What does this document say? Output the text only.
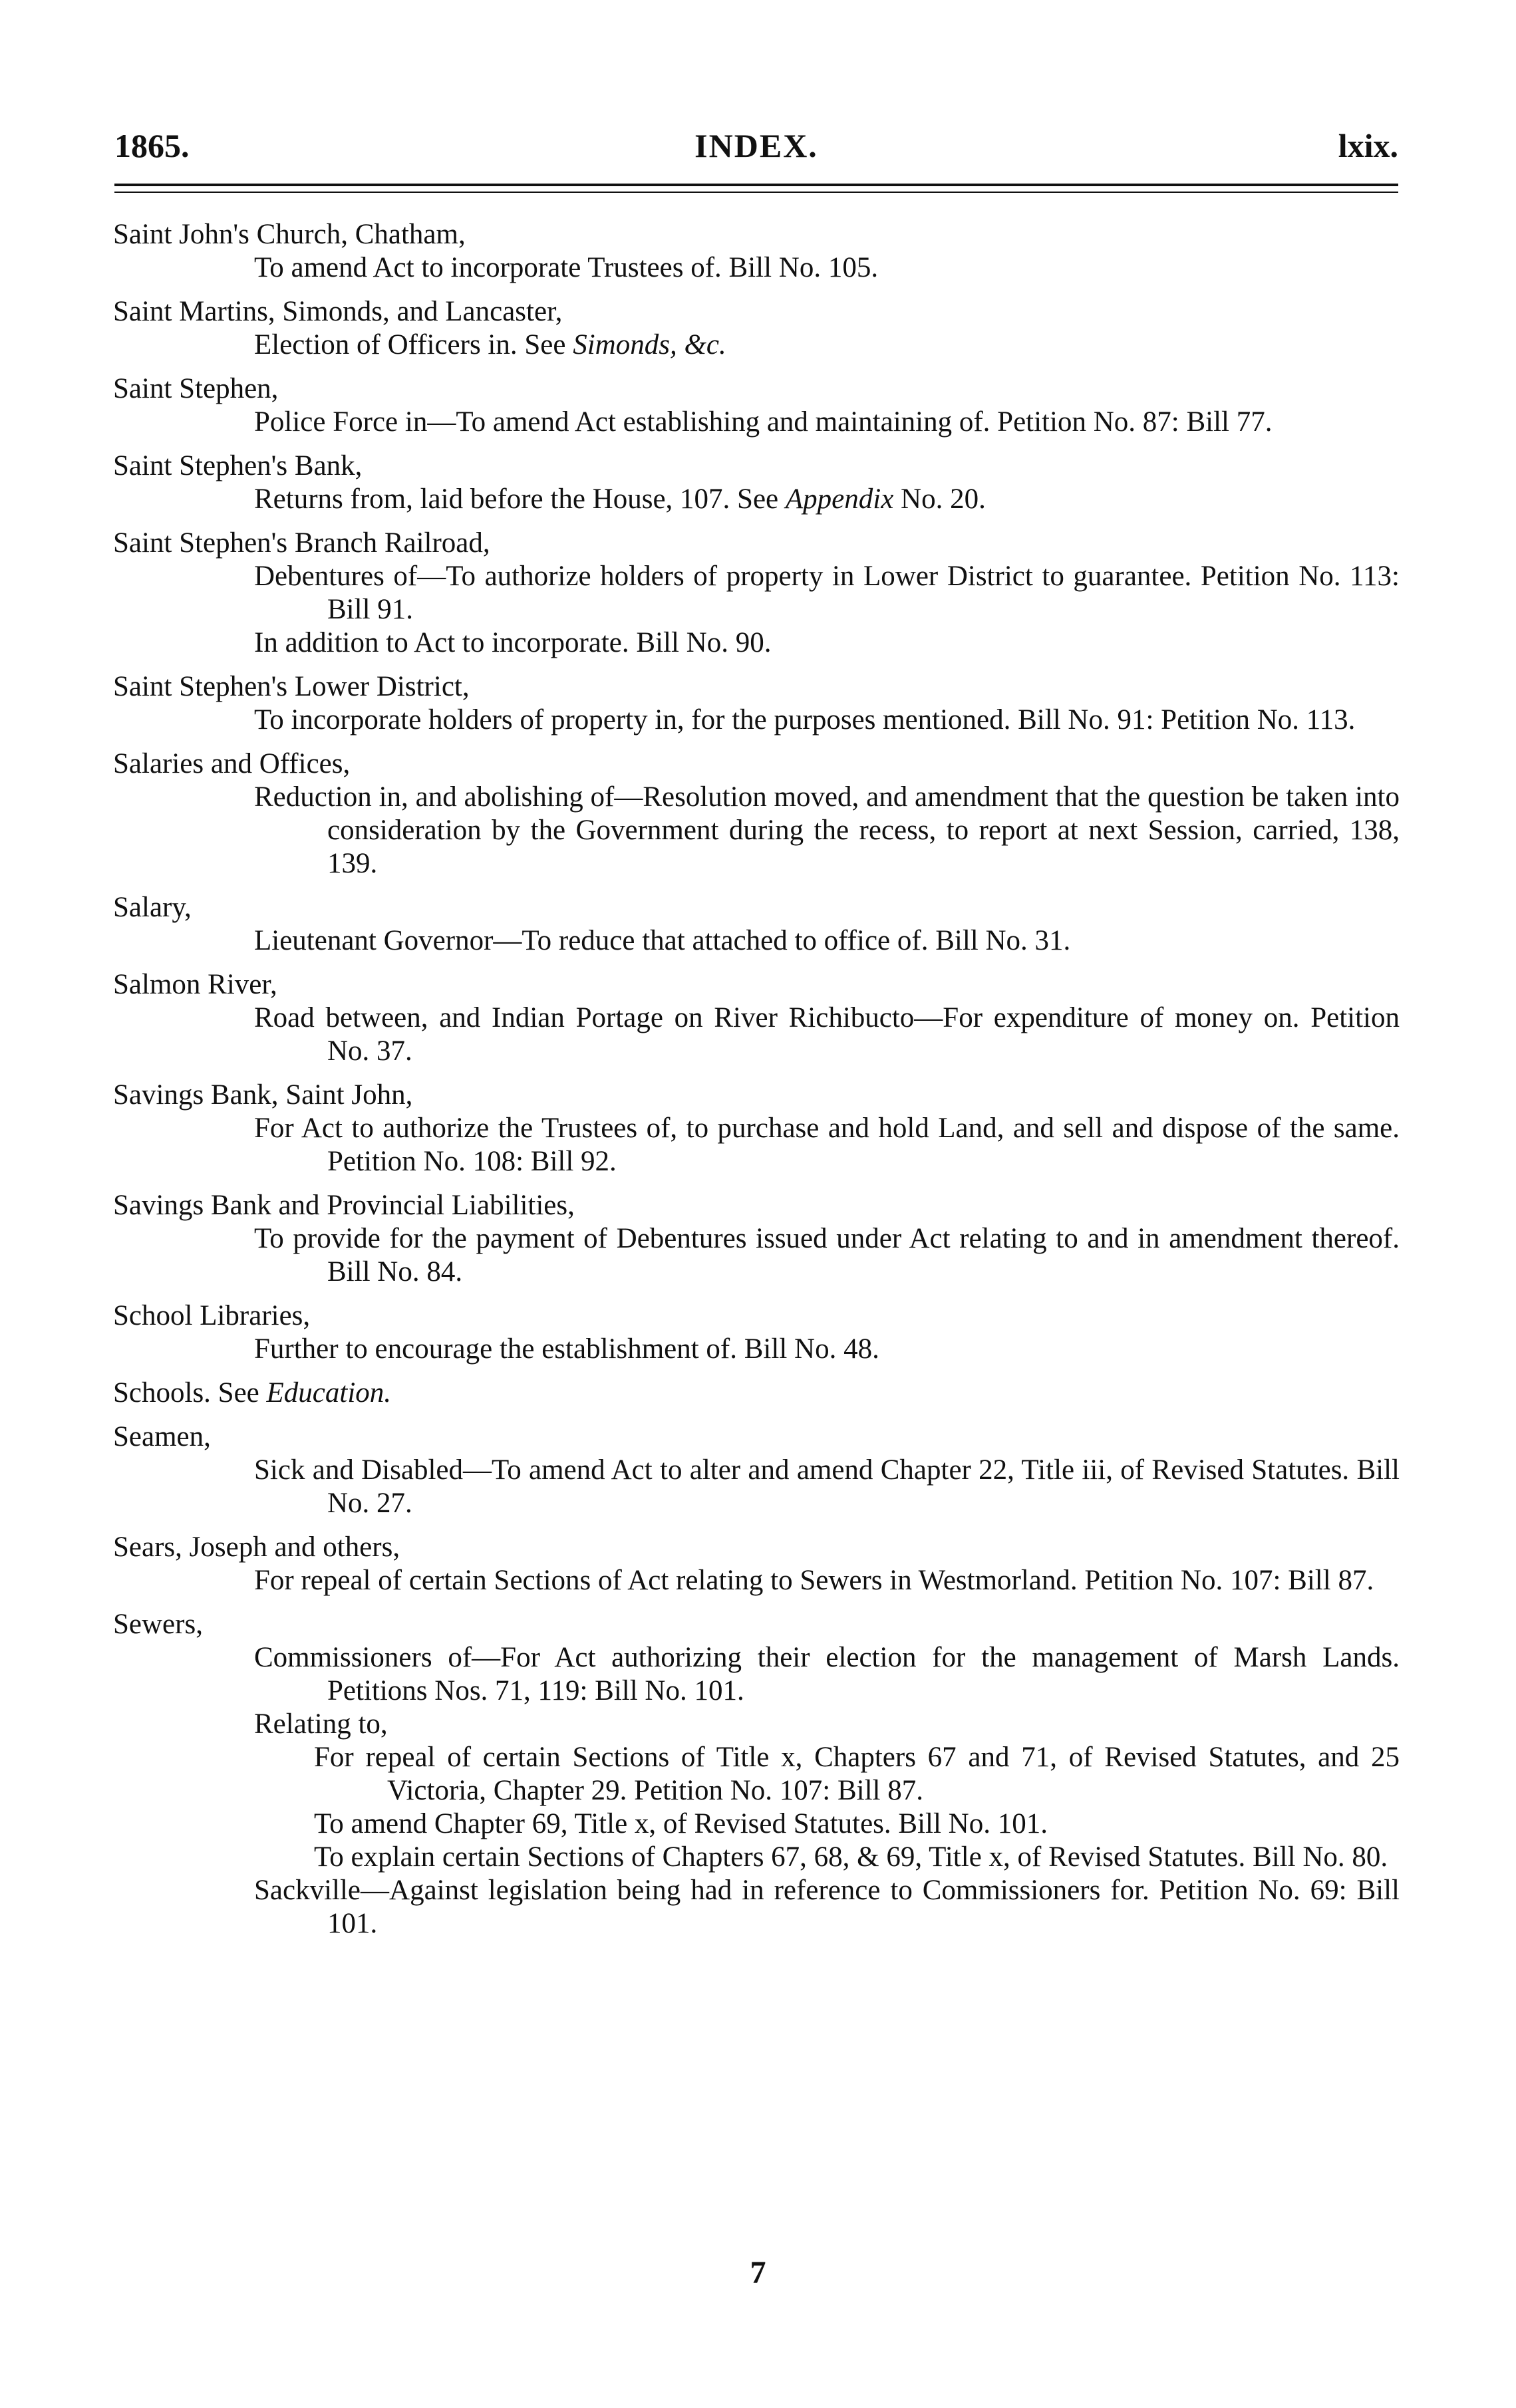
1865.	INDEX.	lxix.
Saint John's Church, Chatham,
To amend Act to incorporate Trustees of. Bill No. 105.
Saint Martins, Simonds, and Lancaster,
Election of Officers in. See Simonds, &c.
Saint Stephen,
Police Force in—To amend Act establishing and maintaining of. Petition No. 87: Bill 77.
Saint Stephen's Bank,
Returns from, laid before the House, 107. See Appendix No. 20.
Saint Stephen's Branch Railroad,
Debentures of—To authorize holders of property in Lower District to guarantee. Petition No. 113: Bill 91.
In addition to Act to incorporate. Bill No. 90.
Saint Stephen's Lower District,
To incorporate holders of property in, for the purposes mentioned. Bill No. 91: Petition No. 113.
Salaries and Offices,
Reduction in, and abolishing of—Resolution moved, and amendment that the question be taken into consideration by the Government during the recess, to report at next Session, carried, 138, 139.
Salary,
Lieutenant Governor—To reduce that attached to office of. Bill No. 31.
Salmon River,
Road between, and Indian Portage on River Richibucto—For expenditure of money on. Petition No. 37.
Savings Bank, Saint John,
For Act to authorize the Trustees of, to purchase and hold Land, and sell and dispose of the same. Petition No. 108: Bill 92.
Savings Bank and Provincial Liabilities,
To provide for the payment of Debentures issued under Act relating to and in amendment thereof. Bill No. 84.
School Libraries,
Further to encourage the establishment of. Bill No. 48.
Schools. See Education.
Seamen,
Sick and Disabled—To amend Act to alter and amend Chapter 22, Title iii, of Revised Statutes. Bill No. 27.
Sears, Joseph and others,
For repeal of certain Sections of Act relating to Sewers in Westmorland. Petition No. 107: Bill 87.
Sewers,
Commissioners of—For Act authorizing their election for the management of Marsh Lands. Petitions Nos. 71, 119: Bill No. 101.
Relating to,
For repeal of certain Sections of Title x, Chapters 67 and 71, of Revised Statutes, and 25 Victoria, Chapter 29. Petition No. 107: Bill 87.
To amend Chapter 69, Title x, of Revised Statutes. Bill No. 101.
To explain certain Sections of Chapters 67, 68, & 69, Title x, of Revised Statutes. Bill No. 80.
Sackville—Against legislation being had in reference to Commissioners for. Petition No. 69: Bill 101.
7
